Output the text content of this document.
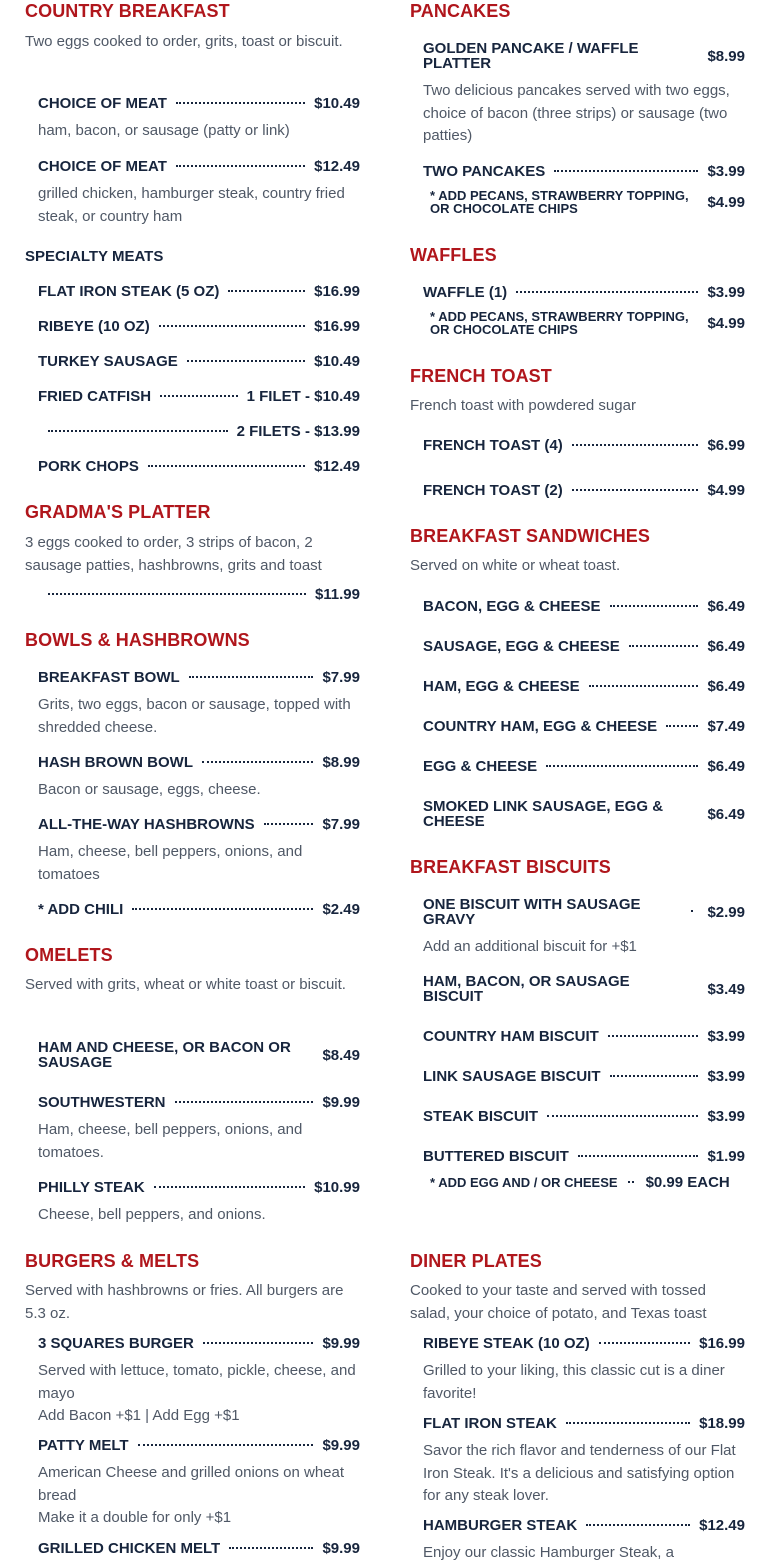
COUNTRY BREAKFAST
Two eggs cooked to order, grits, toast or biscuit.
CHOICE OF MEAT	$10.49
ham, bacon, or sausage (patty or link)
CHOICE OF MEAT	$12.49
grilled chicken, hamburger steak, country fried steak, or country ham
SPECIALTY MEATS
FLAT IRON STEAK (5 OZ)	$16.99
RIBEYE (10 OZ)	$16.99
TURKEY SAUSAGE	$10.49
FRIED CATFISH	1 FILET - $10.49
2 FILETS - $13.99
PORK CHOPS	$12.49
GRADMA'S PLATTER
3 eggs cooked to order, 3 strips of bacon, 2 sausage patties, hashbrowns, grits and toast
$11.99
BOWLS & HASHBROWNS
BREAKFAST BOWL	$7.99
Grits, two eggs, bacon or sausage, topped with shredded cheese.
HASH BROWN BOWL	$8.99
Bacon or sausage, eggs, cheese.
ALL-THE-WAY HASHBROWNS	$7.99
Ham, cheese, bell peppers, onions, and tomatoes
* ADD CHILI	$2.49
OMELETS
Served with grits, wheat or white toast or biscuit.
HAM AND CHEESE, OR BACON OR SAUSAGE	$8.49
SOUTHWESTERN	$9.99
Ham, cheese, bell peppers, onions, and tomatoes.
PHILLY STEAK	$10.99
Cheese, bell peppers, and onions.
BURGERS & MELTS
Served with hashbrowns or fries. All burgers are 5.3 oz.
3 SQUARES BURGER	$9.99
Served with lettuce, tomato, pickle, cheese, and mayo
Add Bacon +$1 | Add Egg +$1
PATTY MELT	$9.99
American Cheese and grilled onions on wheat bread
Make it a double for only +$1
GRILLED CHICKEN MELT	$9.99
PANCAKES
GOLDEN PANCAKE / WAFFLE PLATTER	$8.99
Two delicious pancakes served with two eggs, choice of bacon (three strips) or sausage (two patties)
TWO PANCAKES	$3.99
* ADD PECANS, STRAWBERRY TOPPING, OR CHOCOLATE CHIPS	$4.99
WAFFLES
WAFFLE (1)	$3.99
* ADD PECANS, STRAWBERRY TOPPING, OR CHOCOLATE CHIPS	$4.99
FRENCH TOAST
French toast with powdered sugar
FRENCH TOAST (4)	$6.99
FRENCH TOAST (2)	$4.99
BREAKFAST SANDWICHES
Served on white or wheat toast.
BACON, EGG & CHEESE	$6.49
SAUSAGE, EGG & CHEESE	$6.49
HAM, EGG & CHEESE	$6.49
COUNTRY HAM, EGG & CHEESE	$7.49
EGG & CHEESE	$6.49
SMOKED LINK SAUSAGE, EGG & CHEESE	$6.49
BREAKFAST BISCUITS
ONE BISCUIT WITH SAUSAGE GRAVY	$2.99
Add an additional biscuit for +$1
HAM, BACON, OR SAUSAGE BISCUIT	$3.49
COUNTRY HAM BISCUIT	$3.99
LINK SAUSAGE BISCUIT	$3.99
STEAK BISCUIT	$3.99
BUTTERED BISCUIT	$1.99
* ADD EGG AND / OR CHEESE $0.99 EACH
DINER PLATES
Cooked to your taste and served with tossed salad, your choice of potato, and Texas toast
RIBEYE STEAK (10 OZ)	$16.99
Grilled to your liking, this classic cut is a diner favorite!
FLAT IRON STEAK	$18.99
Savor the rich flavor and tenderness of our Flat Iron Steak. It's a delicious and satisfying option for any steak lover.
HAMBURGER STEAK	$12.49
Enjoy our classic Hamburger Steak, a
